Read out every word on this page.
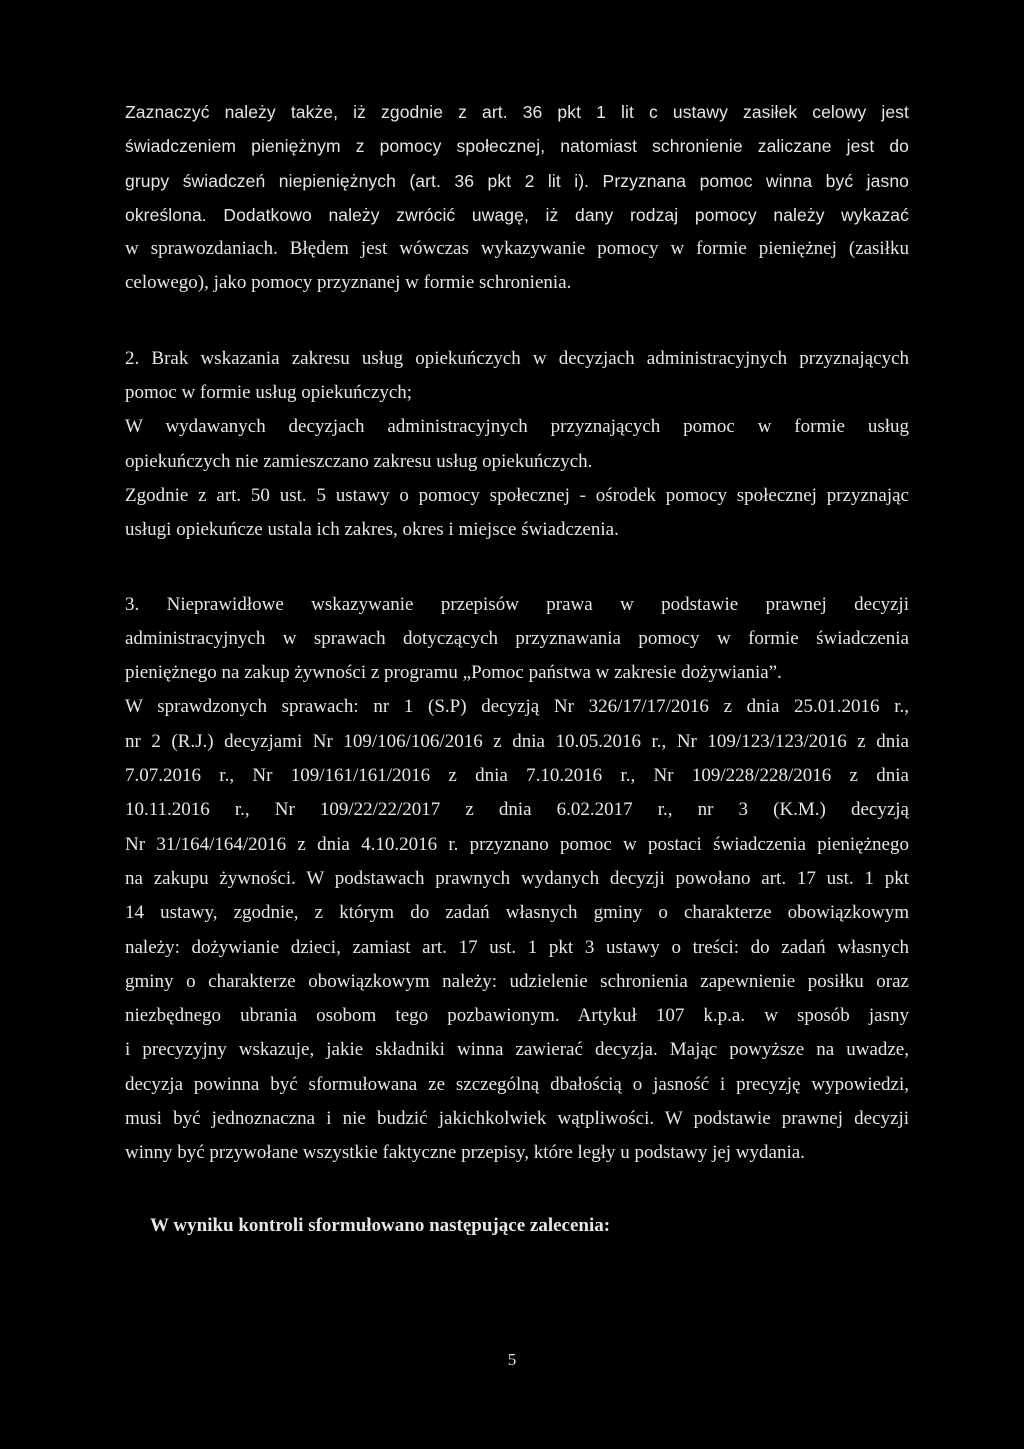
Zaznaczyć należy także, iż zgodnie z art. 36 pkt 1 lit c ustawy zasiłek celowy jest
świadczeniem pieniężnym z pomocy społecznej, natomiast schronienie zaliczane jest do
grupy świadczeń niepieniężnych (art. 36 pkt 2 lit i). Przyznana pomoc winna być jasno
określona. Dodatkowo należy zwrócić uwagę, iż dany rodzaj pomocy należy wykazać
w sprawozdaniach. Błędem jest wówczas wykazywanie pomocy w formie pieniężnej (zasiłku
celowego), jako pomocy przyznanej w formie schronienia.
2. Brak wskazania zakresu usług opiekuńczych w decyzjach administracyjnych przyznających
pomoc w formie usług opiekuńczych;
W wydawanych decyzjach administracyjnych przyznających pomoc w formie usług
opiekuńczych nie zamieszczano zakresu usług opiekuńczych.
Zgodnie z art. 50 ust. 5 ustawy o pomocy społecznej - ośrodek pomocy społecznej przyznając
usługi opiekuńcze ustala ich zakres, okres i miejsce świadczenia.
3. Nieprawidłowe wskazywanie przepisów prawa w podstawie prawnej decyzji
administracyjnych w sprawach dotyczących przyznawania pomocy w formie świadczenia
pieniężnego na zakup żywności z programu „Pomoc państwa w zakresie dożywiania”.
W sprawdzonych sprawach: nr 1 (S.P) decyzją Nr 326/17/17/2016 z dnia 25.01.2016 r.,
nr 2 (R.J.) decyzjami Nr 109/106/106/2016 z dnia 10.05.2016 r., Nr 109/123/123/2016 z dnia
7.07.2016 r., Nr 109/161/161/2016 z dnia 7.10.2016 r., Nr 109/228/228/2016 z dnia
10.11.2016 r., Nr 109/22/22/2017 z dnia 6.02.2017 r., nr 3 (K.M.) decyzją
Nr 31/164/164/2016 z dnia 4.10.2016 r. przyznano pomoc w postaci świadczenia pieniężnego
na zakupu żywności. W podstawach prawnych wydanych decyzji powołano art. 17 ust. 1 pkt
14 ustawy, zgodnie, z którym do zadań własnych gminy o charakterze obowiązkowym
należy: dożywianie dzieci, zamiast art. 17 ust. 1 pkt 3 ustawy o treści: do zadań własnych
gminy o charakterze obowiązkowym należy: udzielenie schronienia zapewnienie posiłku oraz
niezbędnego ubrania osobom tego pozbawionym. Artykuł 107 k.p.a. w sposób jasny
i precyzyjny wskazuje, jakie składniki winna zawierać decyzja. Mając powyższe na uwadze,
decyzja powinna być sformułowana ze szczególną dbałością o jasność i precyzję wypowiedzi,
musi być jednoznaczna i nie budzić jakichkolwiek wątpliwości. W podstawie prawnej decyzji
winny być przywołane wszystkie faktyczne przepisy, które legły u podstawy jej wydania.

W wyniku kontroli sformułowano następujące zalecenia:

5
